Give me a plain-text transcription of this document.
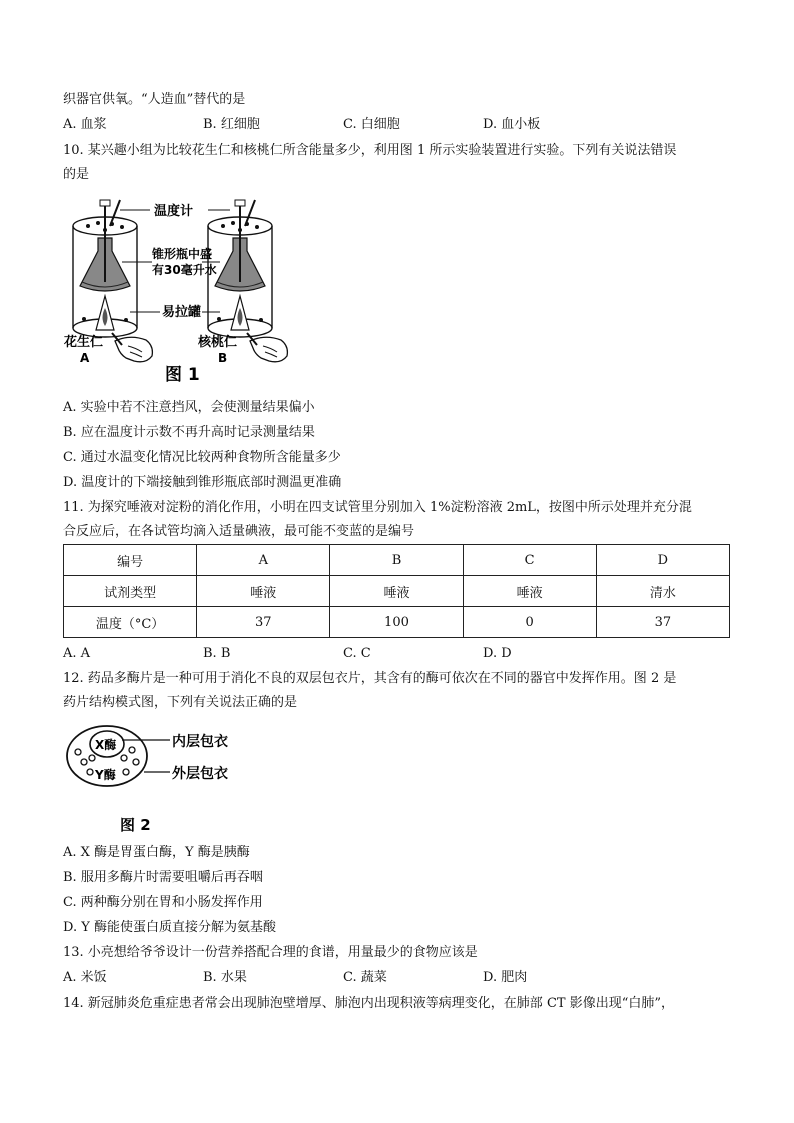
织器官供氧。“人造血”替代的是
A. 血浆	B. 红细胞	C. 白细胞	D. 血小板
10. 某兴趣小组为比较花生仁和核桃仁所含能量多少，利用图 1 所示实验装置进行实验。下列有关说法错误
的是
温度计
锥形瓶中盛
有30毫升水
易拉罐
花生仁
A
核桃仁
B
图 1
A. 实验中若不注意挡风，会使测量结果偏小
B. 应在温度计示数不再升高时记录测量结果
C. 通过水温变化情况比较两种食物所含能量多少
D. 温度计的下端接触到锥形瓶底部时测温更准确
11. 为探究唾液对淀粉的消化作用，小明在四支试管里分别加入 1%淀粉溶液 2mL，按图中所示处理并充分混
合反应后，在各试管均滴入适量碘液，最可能不变蓝的是编号
编号	A	B	C	D
试剂类型	唾液	唾液	唾液	清水
温度（°C）	37	100	0	37
A. A	B. B	C. C	D. D
12. 药品多酶片是一种可用于消化不良的双层包衣片，其含有的酶可依次在不同的器官中发挥作用。图 2 是
药片结构模式图，下列有关说法正确的是
X酶
Y酶
内层包衣
外层包衣
图 2
A. X 酶是胃蛋白酶，Y 酶是胰酶
B. 服用多酶片时需要咀嚼后再吞咽
C. 两种酶分别在胃和小肠发挥作用
D. Y 酶能使蛋白质直接分解为氨基酸
13. 小亮想给爷爷设计一份营养搭配合理的食谱，用量最少的食物应该是
A. 米饭	B. 水果	C. 蔬菜	D. 肥肉
14. 新冠肺炎危重症患者常会出现肺泡壁增厚、肺泡内出现积液等病理变化，在肺部 CT 影像出现“白肺”，
